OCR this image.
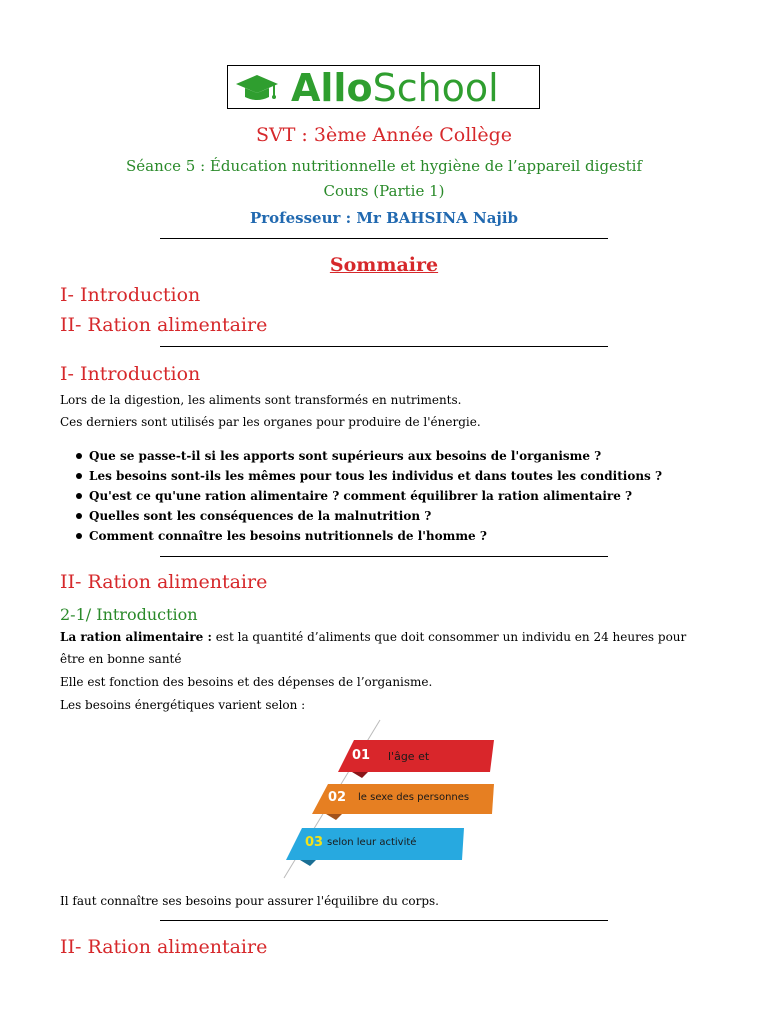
AlloSchool
SVT : 3ème Année Collège
Séance 5 : Éducation nutritionnelle et hygiène de l’appareil digestif
Cours (Partie 1)
Professeur : Mr BAHSINA Najib
Sommaire
I- Introduction
II- Ration alimentaire
I- Introduction
Lors de la digestion, les aliments sont transformés en nutriments.
Ces derniers sont utilisés par les organes pour produire de l'énergie.
Que se passe-t-il si les apports sont supérieurs aux besoins de l'organisme ?
Les besoins sont-ils les mêmes pour tous les individus et dans toutes les conditions ?
Qu'est ce qu'une ration alimentaire ? comment équilibrer la ration alimentaire ?
Quelles sont les conséquences de la malnutrition ?
Comment connaître les besoins nutritionnels de l'homme ?
II- Ration alimentaire
2-1/ Introduction
La ration alimentaire : est la quantité d’aliments que doit consommer un individu en 24 heures pour
être en bonne santé
Elle est fonction des besoins et des dépenses de l’organisme.
Les besoins énergétiques varient selon :
01 l'âge et
02 le sexe des personnes
03 selon leur activité
Il faut connaître ses besoins pour assurer l'équilibre du corps.
II- Ration alimentaire
